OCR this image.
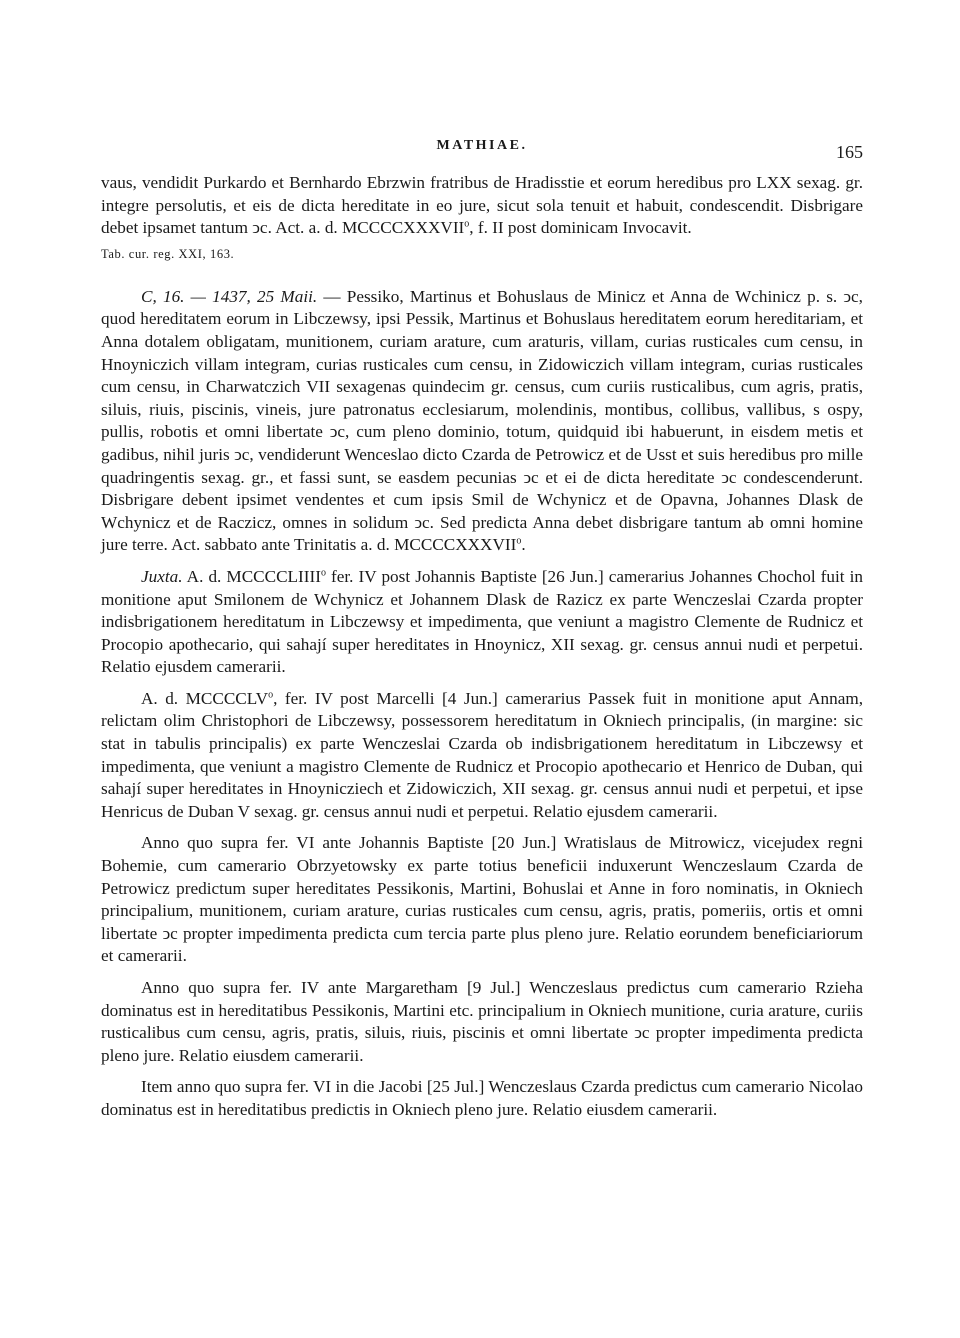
MATHIAE.	165

vaus, vendidit Purkardo et Bernhardo Ebrzwin fratribus de Hradisstie et eorum heredibus pro LXX sexag. gr. integre persolutis, et eis de dicta hereditate in eo jure, sicut sola tenuit et habuit, condescendit. Disbrigare debet ipsamet tantum ↄc. Act. a. d. MCCCCXXXVII$^o$, f. II post dominicam Invocavit.

Tab. cur. reg. XXI, 163.

C, 16. — 1437, 25 Maii. — Pessiko, Martinus et Bohuslaus de Minicz et Anna de Wchinicz p. s. ↄc, quod hereditatem eorum in Libczewsy, ipsi Pessik, Martinus et Bohuslaus hereditatem eorum hereditariam, et Anna dotalem obligatam, munitionem, curiam arature, cum araturis, villam, curias rusticales cum censu, in Hnoyniczich villam integram, curias rusticales cum censu, in Zidowiczich villam integram, curias rusticales cum censu, in Charwatczich VII sexagenas quindecim gr. census, cum curiis rusticalibus, cum agris, pratis, siluis, riuis, piscinis, vineis, jure patronatus ecclesiarum, molendinis, montibus, collibus, vallibus, s ospy, pullis, robotis et omni libertate ↄc, cum pleno dominio, totum, quidquid ibi habuerunt, in eisdem metis et gadibus, nihil juris ↄc, vendiderunt Wenceslao dicto Czarda de Petrowicz et de Usst et suis heredibus pro mille quadringentis sexag. gr., et fassi sunt, se easdem pecunias ↄc et ei de dicta hereditate ↄc condescenderunt. Disbrigare debent ipsimet vendentes et cum ipsis Smil de Wchynicz et de Opavna, Johannes Dlask de Wchynicz et de Raczicz, omnes in solidum ↄc. Sed predicta Anna debet disbrigare tantum ab omni homine jure terre. Act. sabbato ante Trinitatis a. d. MCCCCXXXVII$^o$.

Juxta. A. d. MCCCCLIIII$^o$ fer. IV post Johannis Baptiste [26 Jun.] camerarius Johannes Chochol fuit in monitione aput Smilonem de Wchynicz et Johannem Dlask de Razicz ex parte Wenczeslai Czarda propter indisbrigationem hereditatum in Libczewsy et impedimenta, que veniunt a magistro Clemente de Rudnicz et Procopio apothecario, qui sahají super hereditates in Hnoynicz, XII sexag. gr. census annui nudi et perpetui. Relatio ejusdem camerarii.

A. d. MCCCCLV$^o$, fer. IV post Marcelli [4 Jun.] camerarius Passek fuit in monitione aput Annam, relictam olim Christophori de Libczewsy, possessorem hereditatum in Okniech principalis, (in margine: sic stat in tabulis principalis) ex parte Wenczeslai Czarda ob indisbrigationem hereditatum in Libczewsy et impedimenta, que veniunt a magistro Clemente de Rudnicz et Procopio apothecario et Henrico de Duban, qui sahají super hereditates in Hnoyniczіech et Zidowiczіch, XII sexag. gr. census annui nudi et perpetui, et ipse Henricus de Duban V sexag. gr. census annui nudi et perpetui. Relatio ejusdem camerarii.

Anno quo supra fer. VI ante Johannis Baptiste [20 Jun.] Wratislaus de Mitrowicz, vicejudex regni Bohemie, cum camerario Obrzyetowsky ex parte totius beneficii induxerunt Wenczeslaum Czarda de Petrowicz predictum super hereditates Pessikonis, Martini, Bohuslai et Anne in foro nominatis, in Okniech principalium, munitionem, curiam arature, curias rusticales cum censu, agris, pratis, pomeriis, ortis et omni libertate ↄc propter impedimenta predicta cum tercia parte plus pleno jure. Relatio eorundem beneficiariorum et camerarii.

Anno quo supra fer. IV ante Margaretham [9 Jul.] Wenczeslaus predictus cum camerario Rzieha dominatus est in hereditatibus Pessikonis, Martini etc. principalium in Okniech munitione, curia arature, curiis rusticalibus cum censu, agris, pratis, siluis, riuis, piscinis et omni libertate ↄc propter impedimenta predicta pleno jure. Relatio eiusdem camerarii.

Item anno quo supra fer. VI in die Jacobi [25 Jul.] Wenczeslaus Czarda predictus cum camerario Nicolao dominatus est in hereditatibus predictis in Okniech pleno jure. Relatio eiusdem camerarii.
